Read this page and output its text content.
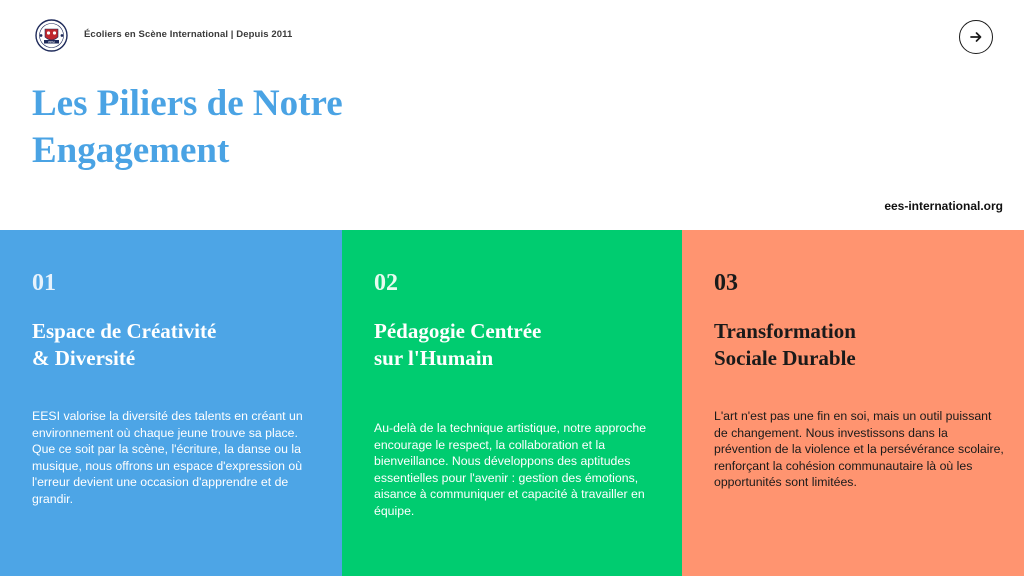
EESI
Écoliers en Scène International | Depuis 2011
Les Piliers de Notre
Engagement
ees-international.org
01
Espace de Créativité
& Diversité

EESI valorise la diversité des talents en créant un environnement où chaque jeune trouve sa place. Que ce soit par la scène, l'écriture, la danse ou la musique, nous offrons un espace d'expression où l'erreur devient une occasion d'apprendre et de grandir.

02
Pédagogie Centrée
sur l'Humain

Au-delà de la technique artistique, notre approche encourage le respect, la collaboration et la bienveillance. Nous développons des aptitudes essentielles pour l'avenir : gestion des émotions, aisance à communiquer et capacité à travailler en équipe.

03
Transformation
Sociale Durable

L'art n'est pas une fin en soi, mais un outil puissant de changement. Nous investissons dans la prévention de la violence et la persévérance scolaire, renforçant la cohésion communautaire là où les opportunités sont limitées.
